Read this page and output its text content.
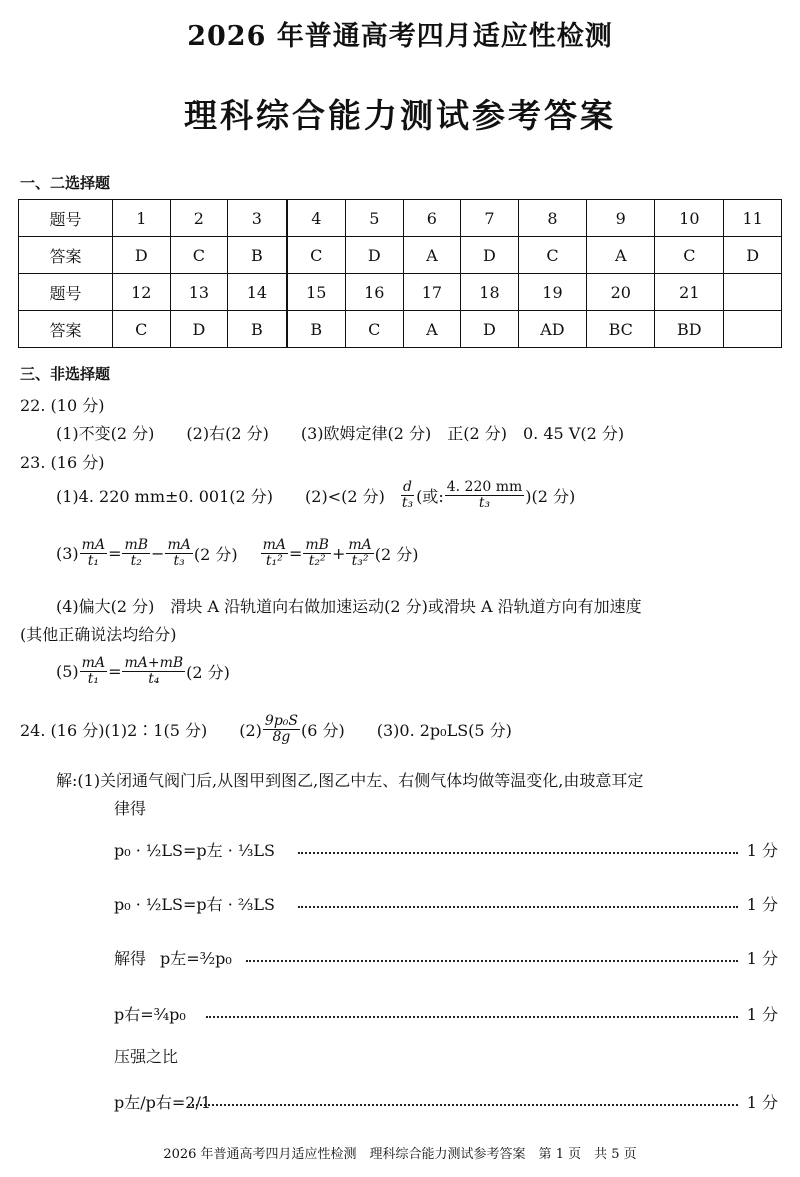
2026 年普通高考四月适应性检测
理科综合能力测试参考答案
一、二选择题
题号	1	2	3	4	5	6	7	8	9	10	11
答案	D	C	B	C	D	A	D	C	A	C	D
题号	12	13	14	15	16	17	18	19	20	21	
答案	C	D	B	B	C	A	D	AD	BC	BD	
三、非选择题
22. (10 分)
(1)不变(2 分)　　(2)右(2 分)　　(3)欧姆定律(2 分)　正(2 分)　0. 45 V(2 分)
23. (16 分)
(1)4. 220 mm±0. 001(2 分)　　(2)<(2 分) $\frac{d}{\text{t₃}}$ (或: $\frac{4. 220 mm}{\text{t₃}} )(2$ 分)
$(3) \frac{mA}{\text{t₁}} = \frac{mB}{\text{t₂}} - \frac{mA}{\text{t₃}} (2$ 分) $\frac{mA}{\text{t₁²}} = \frac{mB}{\text{t₂²}} + \frac{mA}{\text{t₃²}} (2$ 分)
(4)偏大(2 分)　滑块 A 沿轨道向右做加速运动(2 分)或滑块 A 沿轨道方向有加速度
(其他正确说法均给分)
$(5) \frac{mA}{\text{t₁}} = \frac{mA+mB}{\text{t₄}} (2$ 分)
24. (16 分)(1)2∶1(5 分)　　$(2) \frac{\text{9p₀S}}{8g} (6$ 分)　　(3)0. 2p₀LS(5 分)
解:(1)关闭通气阀门后,从图甲到图乙,图乙中左、右侧气体均做等温变化,由玻意耳定
律得
p₀ · ½LS=p左 · ⅓LS	1 分
p₀ · ½LS=p右 · ⅔LS	1 分
解得 p左=³⁄₂p₀	1 分
p右=³⁄₄p₀	1 分
压强之比
p左/p右=2/1	1 分
2026 年普通高考四月适应性检测　理科综合能力测试参考答案　第 1 页　共 5 页
